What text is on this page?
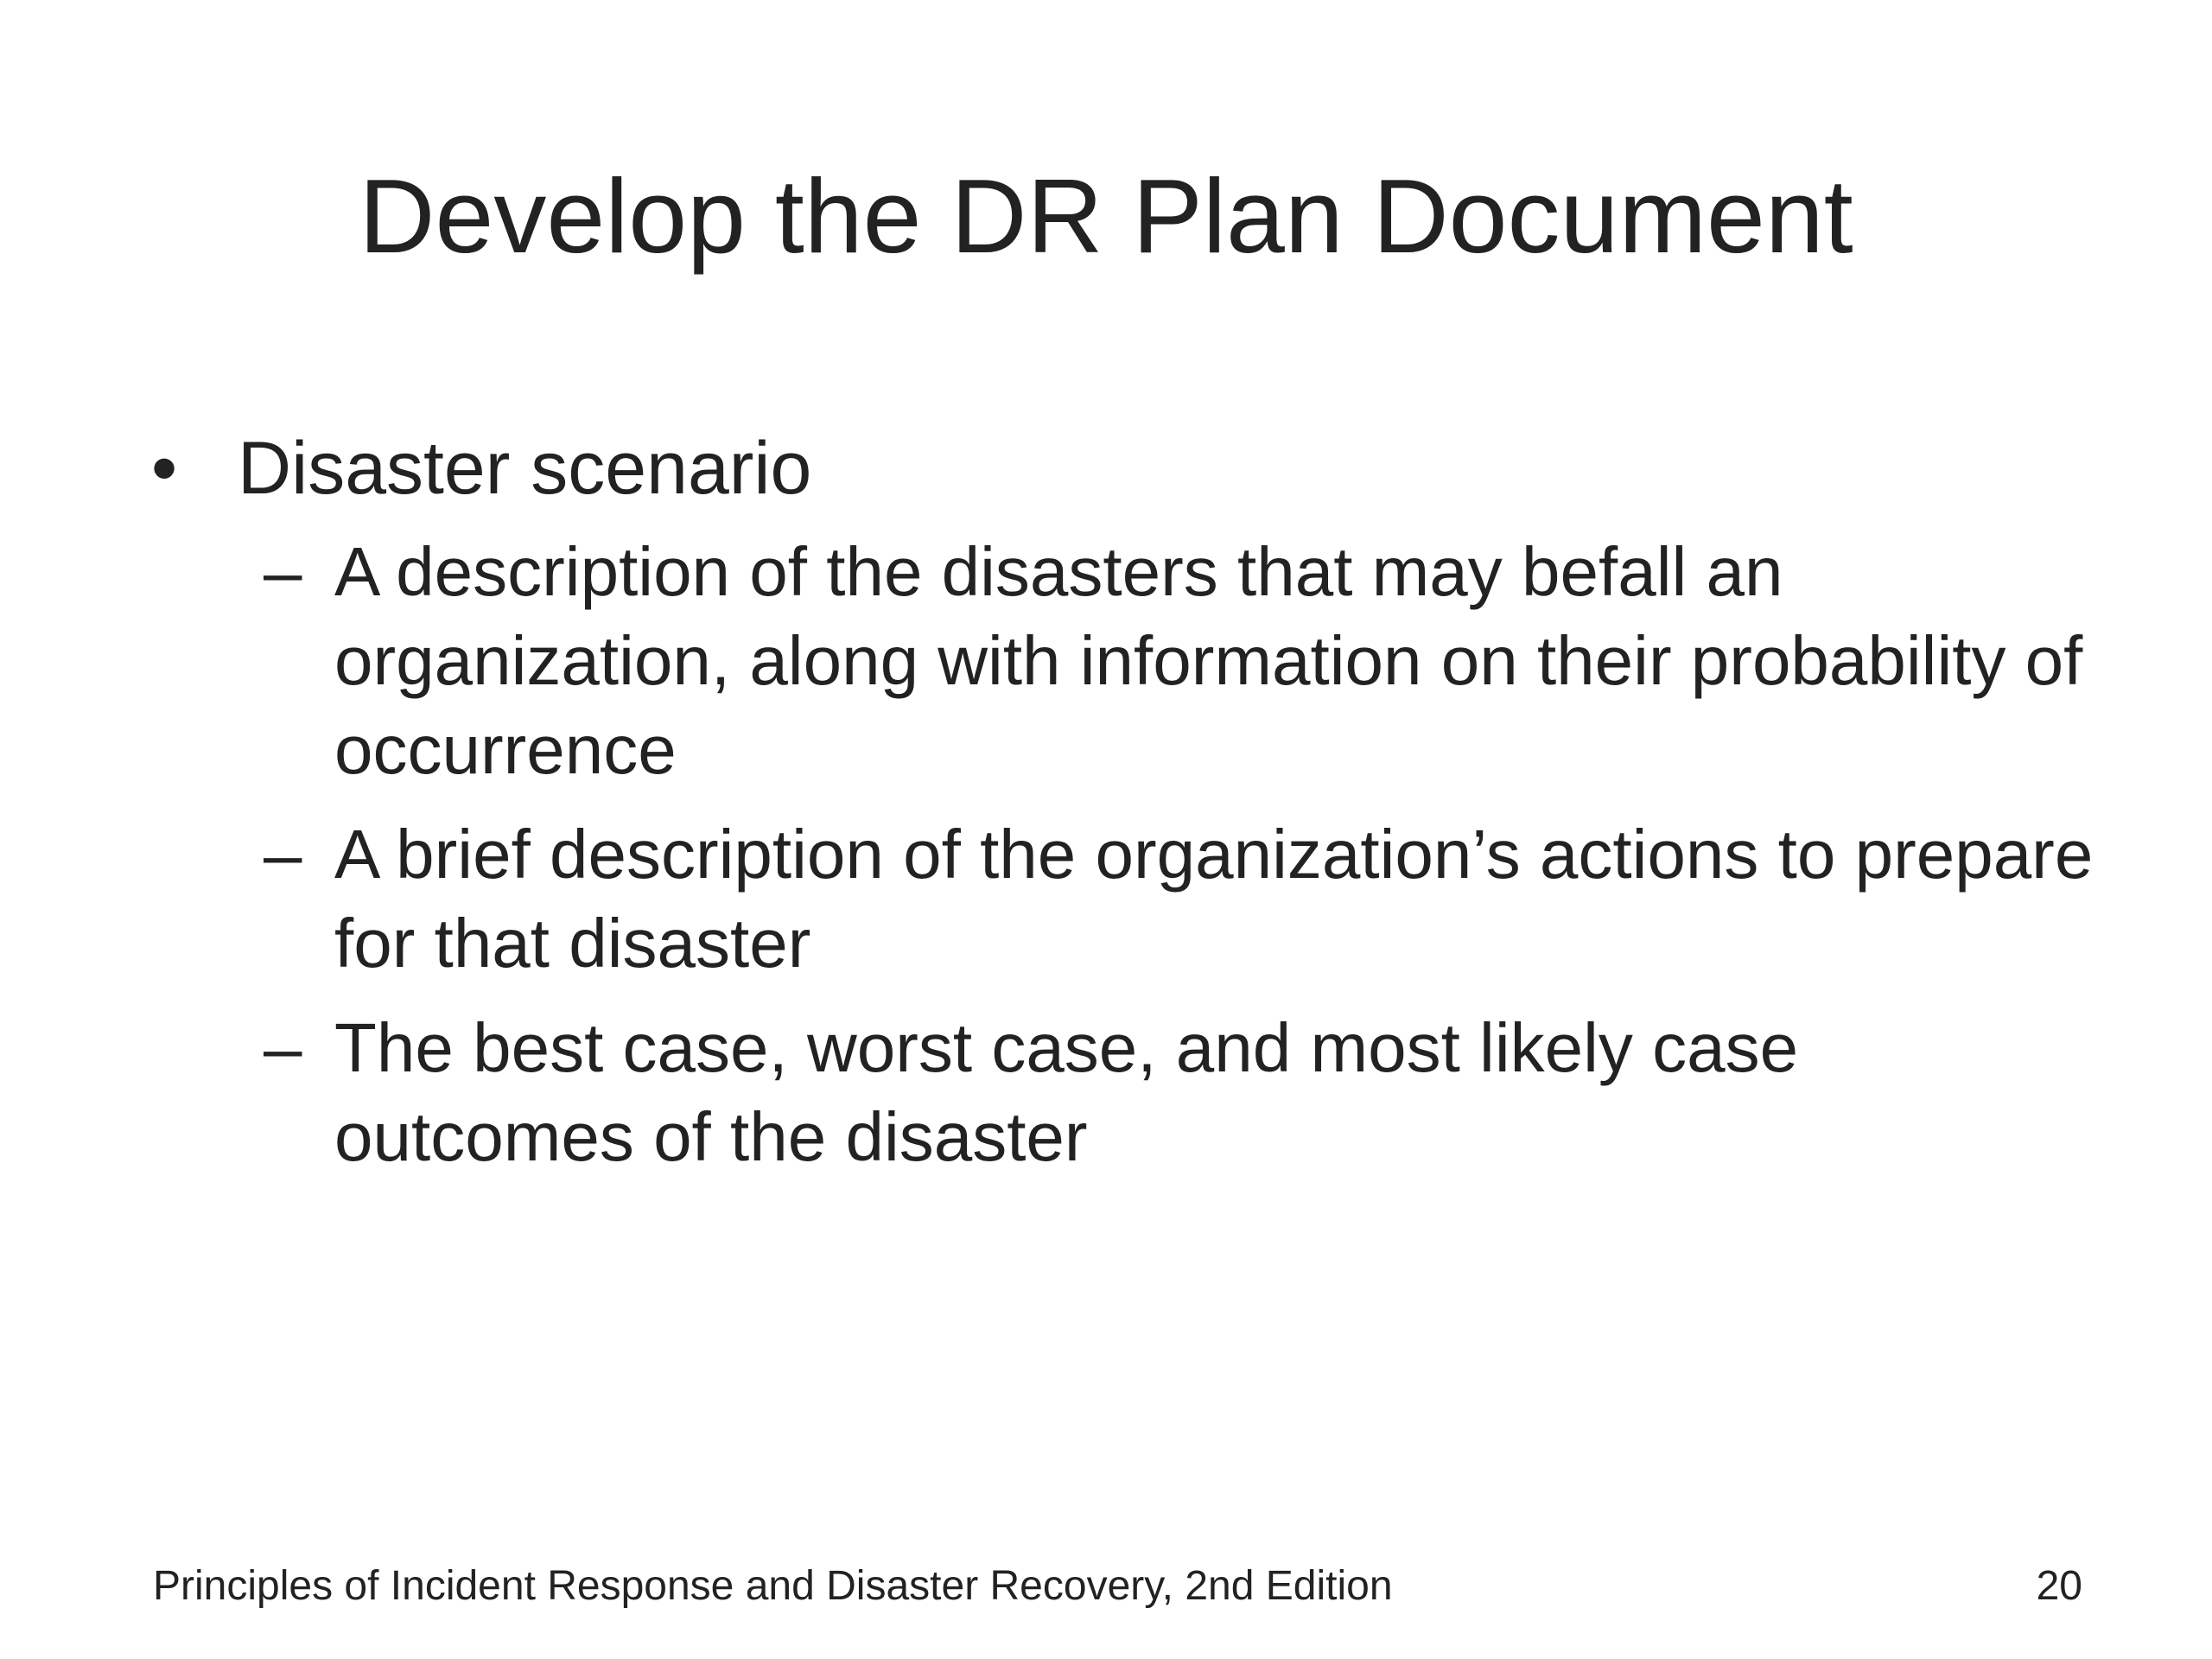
Develop the DR Plan Document
• Disaster scenario
– A description of the disasters that may befall an organization, along with information on their probability of occurrence
– A brief description of the organization’s actions to prepare for that disaster
– The best case, worst case, and most likely case outcomes of the disaster
Principles of Incident Response and Disaster Recovery, 2nd Edition	20
